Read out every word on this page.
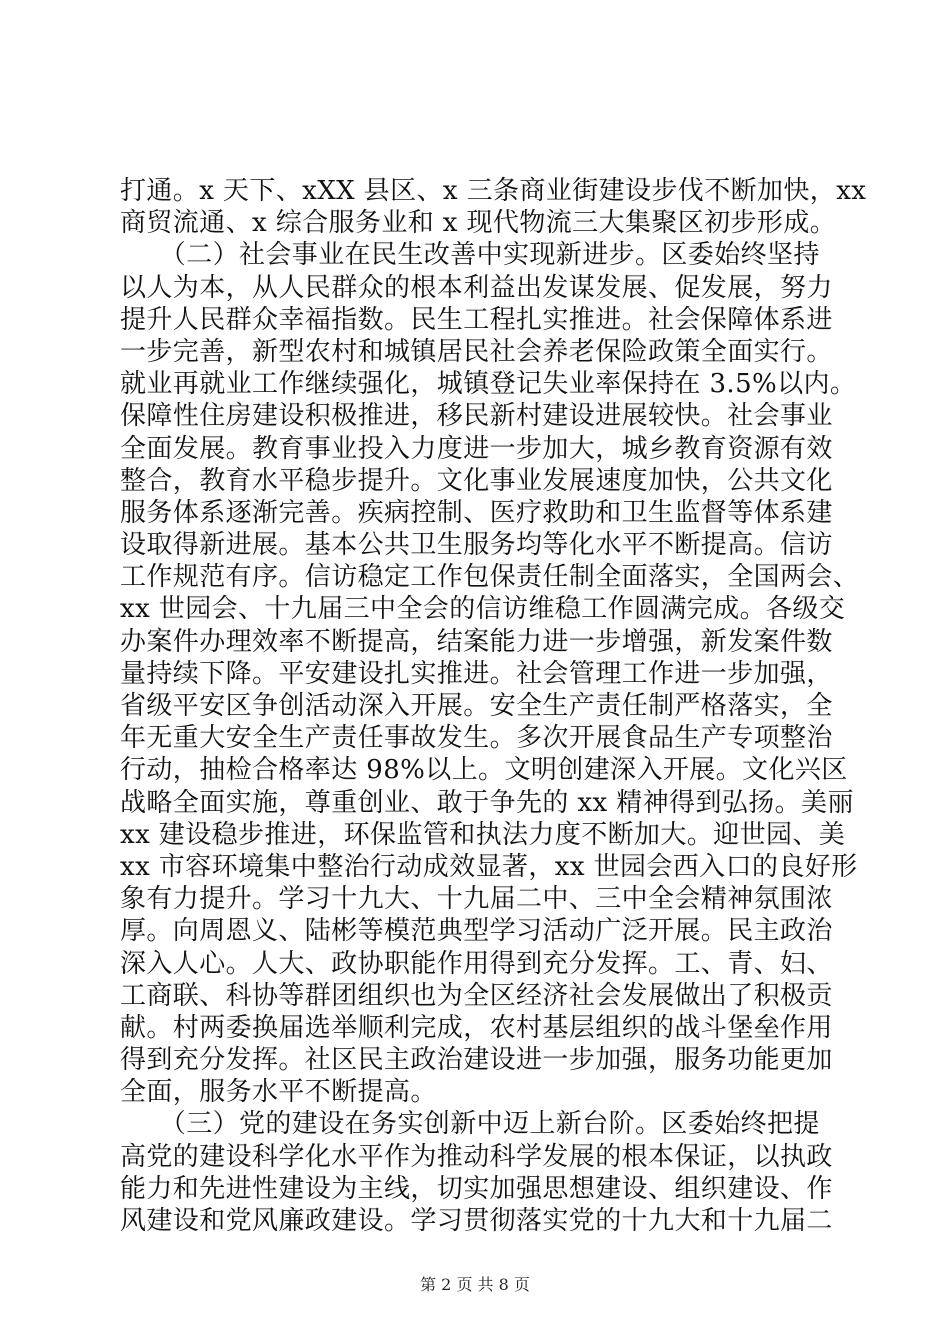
打通。x 天下、xXX 县区、x 三条商业街建设步伐不断加快，xx
商贸流通、x 综合服务业和 x 现代物流三大集聚区初步形成。
　　（二）社会事业在民生改善中实现新进步。区委始终坚持
以人为本，从人民群众的根本利益出发谋发展、促发展，努力
提升人民群众幸福指数。民生工程扎实推进。社会保障体系进
一步完善，新型农村和城镇居民社会养老保险政策全面实行。
就业再就业工作继续强化，城镇登记失业率保持在 3.5%以内。
保障性住房建设积极推进，移民新村建设进展较快。社会事业
全面发展。教育事业投入力度进一步加大，城乡教育资源有效
整合，教育水平稳步提升。文化事业发展速度加快，公共文化
服务体系逐渐完善。疾病控制、医疗救助和卫生监督等体系建
设取得新进展。基本公共卫生服务均等化水平不断提高。信访
工作规范有序。信访稳定工作包保责任制全面落实，全国两会、
xx 世园会、十九届三中全会的信访维稳工作圆满完成。各级交
办案件办理效率不断提高，结案能力进一步增强，新发案件数
量持续下降。平安建设扎实推进。社会管理工作进一步加强，
省级平安区争创活动深入开展。安全生产责任制严格落实，全
年无重大安全生产责任事故发生。多次开展食品生产专项整治
行动，抽检合格率达 98%以上。文明创建深入开展。文化兴区
战略全面实施，尊重创业、敢于争先的 xx 精神得到弘扬。美丽
xx 建设稳步推进，环保监管和执法力度不断加大。迎世园、美
xx 市容环境集中整治行动成效显著，xx 世园会西入口的良好形
象有力提升。学习十九大、十九届二中、三中全会精神氛围浓
厚。向周恩义、陆彬等模范典型学习活动广泛开展。民主政治
深入人心。人大、政协职能作用得到充分发挥。工、青、妇、
工商联、科协等群团组织也为全区经济社会发展做出了积极贡
献。村两委换届选举顺利完成，农村基层组织的战斗堡垒作用
得到充分发挥。社区民主政治建设进一步加强，服务功能更加
全面，服务水平不断提高。
　　（三）党的建设在务实创新中迈上新台阶。区委始终把提
高党的建设科学化水平作为推动科学发展的根本保证，以执政
能力和先进性建设为主线，切实加强思想建设、组织建设、作
风建设和党风廉政建设。学习贯彻落实党的十九大和十九届二
第 2 页 共 8 页
